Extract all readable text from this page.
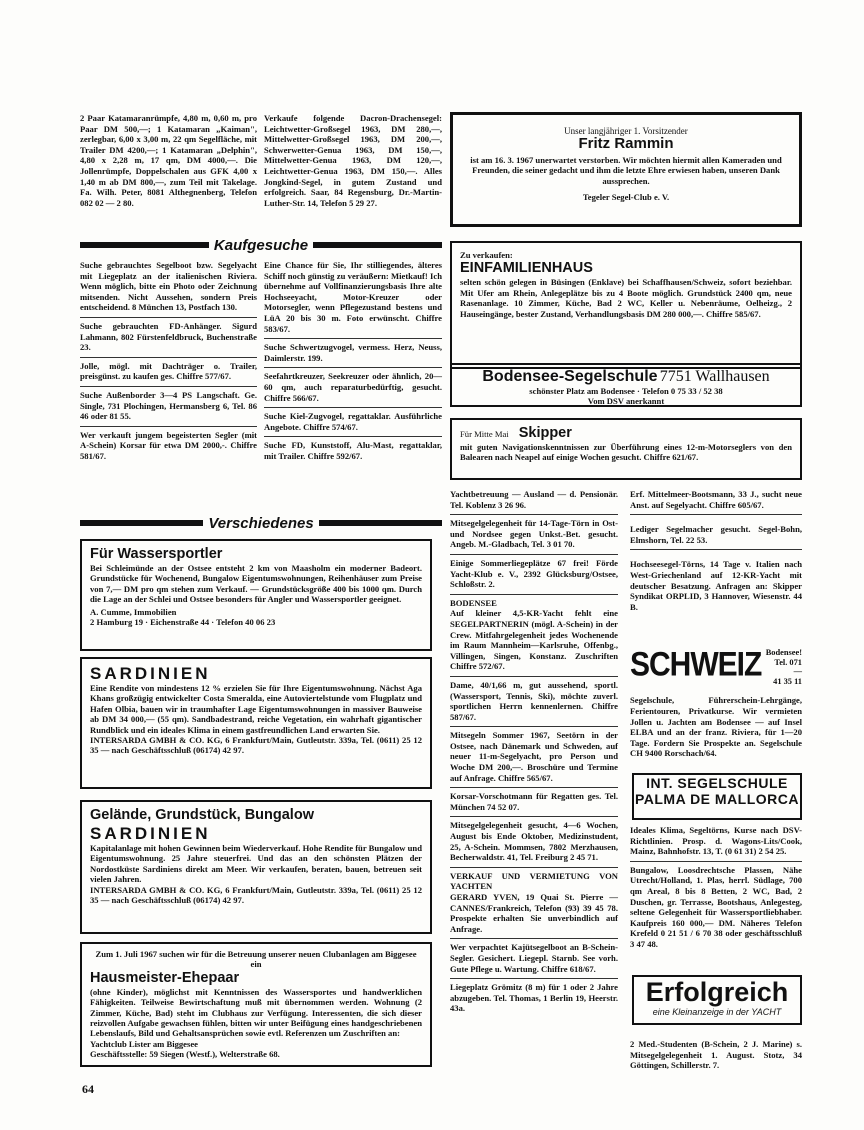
2 Paar Katamaranrümpfe, 4,80 m, 0,60 m, pro Paar DM 500,—; 1 Katamaran „Kaiman", zerlegbar, 6,00 x 3,00 m, 22 qm Segelfläche, mit Trailer DM 4200,—; 1 Katamaran „Delphin", 4,80 x 2,28 m, 17 qm, DM 4000,—. Die Jollenrümpfe, Doppelschalen aus GFK 4,00 x 1,40 m ab DM 800,—, zum Teil mit Takelage. Fa. Wilh. Peter, 8081 Althegnenberg, Telefon 082 02 — 2 80.

Verkaufe folgende Dacron-Drachensegel: Leichtwetter-Großsegel 1963, DM 280,—, Mittelwetter-Großsegel 1963, DM 200,—, Schwerwetter-Genua 1963, DM 150,—, Mittelwetter-Genua 1963, DM 120,—, Leichtwetter-Genua 1963, DM 150,—. Alles Jongkind-Segel, in gutem Zustand und erfolgreich. Saar, 84 Regensburg, Dr.-Martin-Luther-Str. 14, Telefon 5 29 27.

Kaufgesuche

Suche gebrauchtes Segelboot bzw. Segelyacht mit Liegeplatz an der italienischen Riviera. Wenn möglich, bitte ein Photo oder Zeichnung mitsenden. Nicht Aussehen, sondern Preis entscheidend. 8 München 13, Postfach 130.

Suche gebrauchten FD-Anhänger. Sigurd Lahmann, 802 Fürstenfeldbruck, Buchenstraße 23.

Jolle, mögl. mit Dachträger o. Trailer, preisgünst. zu kaufen ges. Chiffre 577/67.

Suche Außenborder 3—4 PS Langschaft. Ge. Single, 731 Plochingen, Hermansberg 6, Tel. 86 46 oder 81 55.

Wer verkauft jungem begeisterten Segler (mit A-Schein) Korsar für etwa DM 2000,-. Chiffre 581/67.

Eine Chance für Sie, Ihr stilliegendes, älteres Schiff noch günstig zu veräußern: Mietkauf! Ich übernehme auf Vollfinanzierungsbasis Ihre alte Hochseeyacht, Motor-Kreuzer oder Motorsegler, wenn Pflegezustand bestens und LüA 20 bis 30 m. Foto erwünscht. Chiffre 583/67.

Suche Schwertzugvogel, vermess. Herz, Neuss, Daimlerstr. 199.

Seefahrtkreuzer, Seekreuzer oder ähnlich, 20—60 qm, auch reparaturbedürftig, gesucht. Chiffre 566/67.

Suche Kiel-Zugvogel, regattaklar. Ausführliche Angebote. Chiffre 574/67.

Suche FD, Kunststoff, Alu-Mast, regattaklar, mit Trailer. Chiffre 592/67.

Verschiedenes
Für Wassersportler
Bei Schleimünde an der Ostsee entsteht 2 km von Maasholm ein moderner Badeort. Grundstücke für Wochenend, Bungalow Eigentumswohnungen, Reihenhäuser zum Preise von 7,— DM pro qm stehen zum Verkauf. — Grundstücksgröße 400 bis 1000 qm. Durch die Lage an der Schlei und Ostsee besonders für Angler und Wassersportler geeignet.
A. Cumme, Immobilien
2 Hamburg 19 · Eichenstraße 44 · Telefon 40 06 23
SARDINIEN
Eine Rendite von mindestens 12 % erzielen Sie für Ihre Eigentumswohnung. Nächst Aga Khans großzügig entwickelter Costa Smeralda, eine Autoviertelstunde vom Flugplatz und Hafen Olbia, bauen wir in traumhafter Lage Eigentumswohnungen in massiver Bauweise ab DM 34 000,— (55 qm). Sandbadestrand, reiche Vegetation, ein wahrhaft gigantischer Rundblick und ein ideales Klima in einem gastfreundlichen Land erwarten Sie.
INTERSARDA GMBH & CO. KG, 6 Frankfurt/Main, Gutleutstr. 339a, Tel. (0611) 25 12 35 — nach Geschäftsschluß (06174) 42 97.
Gelände, Grundstück, Bungalow
SARDINIEN
Kapitalanlage mit hohen Gewinnen beim Wiederverkauf. Hohe Rendite für Bungalow und Eigentumswohnung. 25 Jahre steuerfrei. Und das an den schönsten Plätzen der Nordostküste Sardiniens direkt am Meer. Wir verkaufen, beraten, bauen, betreuen seit vielen Jahren.
INTERSARDA GMBH & CO. KG, 6 Frankfurt/Main, Gutleutstr. 339a, Tel. (0611) 25 12 35 — nach Geschäftsschluß (06174) 42 97.
Zum 1. Juli 1967 suchen wir für die Betreuung unserer neuen Clubanlagen am Biggesee ein
Hausmeister-Ehepaar
(ohne Kinder), möglichst mit Kenntnissen des Wassersportes und handwerklichen Fähigkeiten. Teilweise Bewirtschaftung muß mit übernommen werden. Wohnung (2 Zimmer, Küche, Bad) steht im Clubhaus zur Verfügung. Interessenten, die sich dieser reizvollen Aufgabe gewachsen fühlen, bitten wir unter Beifügung eines handgeschriebenen Lebenslaufs, Bild und Gehaltsansprüchen sowie evtl. Referenzen um Zuschriften an:
Yachtclub Lister am Biggesee
Geschäftsstelle: 59 Siegen (Westf.), Welterstraße 68.
Unser langjähriger 1. Vorsitzender
Fritz Rammin
ist am 16. 3. 1967 unerwartet verstorben. Wir möchten hiermit allen Kameraden und Freunden, die seiner gedacht und ihm die letzte Ehre erwiesen haben, unseren Dank aussprechen.
Tegeler Segel-Club e. V.
Zu verkaufen:
EINFAMILIENHAUS
selten schön gelegen in Büsingen (Enklave) bei Schaffhausen/Schweiz, sofort beziehbar. Mit Ufer am Rhein, Anlegeplätze bis zu 4 Boote möglich. Grundstück 2400 qm, neue Rasenanlage. 10 Zimmer, Küche, Bad 2 WC, Keller u. Nebenräume, Oelheizg., 2 Hauseingänge, bester Zustand, Verhandlungsbasis DM 280 000,—. Chiffre 585/67.
Bodensee-Segelschule 7751 Wallhausen
schönster Platz am Bodensee · Telefon 0 75 33 / 52 38
Vom DSV anerkannt
Für Mitte Mai Skipper
mit guten Navigationskenntnissen zur Überführung eines 12-m-Motorseglers von den Balearen nach Neapel auf einige Wochen gesucht. Chiffre 621/67.

Yachtbetreuung — Ausland — d. Pensionär. Tel. Koblenz 3 26 96.

Mitsegelgelegenheit für 14-Tage-Törn in Ost- und Nordsee gegen Unkst.-Bet. gesucht. Angeb. M.-Gladbach, Tel. 3 01 70.

Einige Sommerliegeplätze 67 frei! Förde Yacht-Klub e. V., 2392 Glücksburg/Ostsee, Schloßstr. 2.

BODENSEE
Auf kleiner 4,5-KR-Yacht fehlt eine SEGELPARTNERIN (mögl. A-Schein) in der Crew. Mitfahrgelegenheit jedes Wochenende im Raum Mannheim—Karlsruhe, Offenbg., Villingen, Singen, Konstanz. Zuschriften Chiffre 572/67.

Dame, 40/1,66 m, gut aussehend, sportl. (Wassersport, Tennis, Ski), möchte zuverl. sportlichen Herrn kennenlernen. Chiffre 587/67.

Mitsegeln Sommer 1967, Seetörn in der Ostsee, nach Dänemark und Schweden, auf neuer 11-m-Segelyacht, pro Person und Woche DM 200,—. Broschüre und Termine auf Anfrage. Chiffre 565/67.

Korsar-Vorschotmann für Regatten ges. Tel. München 74 52 07.

Mitsegelgelegenheit gesucht, 4—6 Wochen, August bis Ende Oktober, Medizinstudent, 25, A-Schein. Mommsen, 7802 Merzhausen, Becherwaldstr. 41, Tel. Freiburg 2 45 71.

VERKAUF UND VERMIETUNG VON YACHTEN
GERARD YVEN, 19 Quai St. Pierre — CANNES/Frankreich, Telefon (93) 39 45 78. Prospekte erhalten Sie unverbindlich auf Anfrage.

Wer verpachtet Kajütsegelboot an B-Schein-Segler. Gesichert. Liegepl. Starnb. See vorh. Gute Pflege u. Wartung. Chiffre 618/67.

Liegeplatz Grömitz (8 m) für 1 oder 2 Jahre abzugeben. Tel. Thomas, 1 Berlin 19, Heerstr. 43a.

Erf. Mittelmeer-Bootsmann, 33 J., sucht neue Anst. auf Segelyacht. Chiffre 605/67.

Lediger Segelmacher gesucht. Segel-Bohn, Elmshorn, Tel. 22 53.

Hochseesegel-Törns, 14 Tage v. Italien nach West-Griechenland auf 12-KR-Yacht mit deutscher Besatzung. Anfragen an: Skipper Syndikat ORPLID, 3 Hannover, Wiesenstr. 44 B.

SCHWEIZ Bodensee!
Tel. 071 —
41 35 11

Segelschule, Führerschein-Lehrgänge, Ferientouren, Privatkurse. Wir vermieten Jollen u. Jachten am Bodensee — auf Insel ELBA und an der franz. Riviera, für 1—20 Tage. Fordern Sie Prospekte an. Segelschule CH 9400 Rorschach/64.

INT. SEGELSCHULE
PALMA DE MALLORCA

Ideales Klima, Segeltörns, Kurse nach DSV-Richtlinien. Prosp. d. Wagons-Lits/Cook, Mainz, Bahnhofstr. 13, T. (0 61 31) 2 54 25.

Bungalow, Loosdrechtsche Plassen, Nähe Utrecht/Holland, 1. Plas, herrl. Südlage, 700 qm Areal, 8 bis 8 Betten, 2 WC, Bad, 2 Duschen, gr. Terrasse, Bootshaus, Anlegesteg, seltene Gelegenheit für Wassersportliebhaber. Kaufpreis 160 000,— DM. Näheres Telefon Krefeld 0 21 51 / 6 70 38 oder geschäftsschluß 3 47 48.

Erfolgreich
eine Kleinanzeige in der YACHT

2 Med.-Studenten (B-Schein, 2 J. Marine) s. Mitsegelgelegenheit 1. August. Stotz, 34 Göttingen, Schillerstr. 7.

64
